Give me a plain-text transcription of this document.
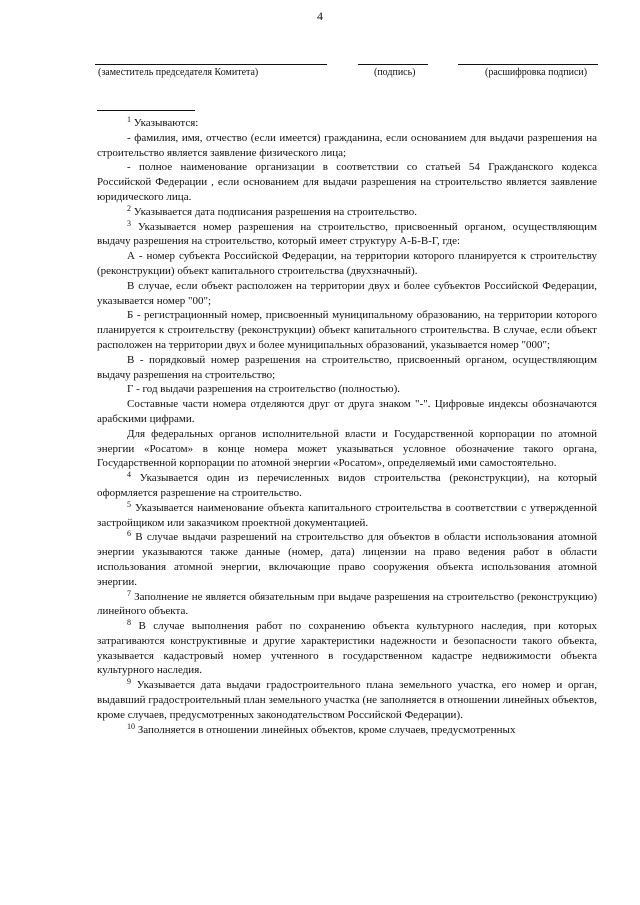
4
(заместитель председателя Комитета)	(подпись)	(расшифровка подписи)

$^1$ Указываются:

- фамилия, имя, отчество (если имеется) гражданина, если основанием для выдачи разрешения на строительство является заявление физического лица;

- полное наименование организации в соответствии со статьей 54 Гражданского кодекса Российской Федерации , если основанием для выдачи разрешения на строительство является заявление юридического лица.

$^2$ Указывается дата подписания разрешения на строительство.

$^3$ Указывается номер разрешения на строительство, присвоенный органом, осуществляющим выдачу разрешения на строительство, который имеет структуру А-Б-В-Г, где:

А - номер субъекта Российской Федерации, на территории которого планируется к строительству (реконструкции) объект капитального строительства (двухзначный).

В случае, если объект расположен на территории двух и более субъектов Российской Федерации, указывается номер "00";

Б - регистрационный номер, присвоенный муниципальному образованию, на территории которого планируется к строительству (реконструкции) объект капитального строительства. В случае, если объект расположен на территории двух и более муниципальных образований, указывается номер "000";

В - порядковый номер разрешения на строительство, присвоенный органом, осуществляющим выдачу разрешения на строительство;

Г - год выдачи разрешения на строительство (полностью).

Составные части номера отделяются друг от друга знаком "-". Цифровые индексы обозначаются арабскими цифрами.

Для федеральных органов исполнительной власти и Государственной корпорации по атомной энергии «Росатом» в конце номера может указываться условное обозначение такого органа, Государственной корпорации по атомной энергии «Росатом», определяемый ими самостоятельно.

$^4$ Указывается один из перечисленных видов строительства (реконструкции), на который оформляется разрешение на строительство.

$^5$ Указывается наименование объекта капитального строительства в соответствии с утвержденной застройщиком или заказчиком проектной документацией.

$^6$ В случае выдачи разрешений на строительство для объектов в области использования атомной энергии указываются также данные (номер, дата) лицензии на право ведения работ в области использования атомной энергии, включающие право сооружения объекта использования атомной энергии.

$^7$ Заполнение не является обязательным при выдаче разрешения на строительство (реконструкцию) линейного объекта.

$^8$ В случае выполнения работ по сохранению объекта культурного наследия, при которых затрагиваются конструктивные и другие характеристики надежности и безопасности такого объекта, указывается кадастровый номер учтенного в государственном кадастре недвижимости объекта культурного наследия.

$^9$ Указывается дата выдачи градостроительного плана земельного участка, его номер и орган, выдавший градостроительный план земельного участка (не заполняется в отношении линейных объектов, кроме случаев, предусмотренных законодательством Российской Федерации).

$^{10}$ Заполняется в отношении линейных объектов, кроме случаев, предусмотренных
